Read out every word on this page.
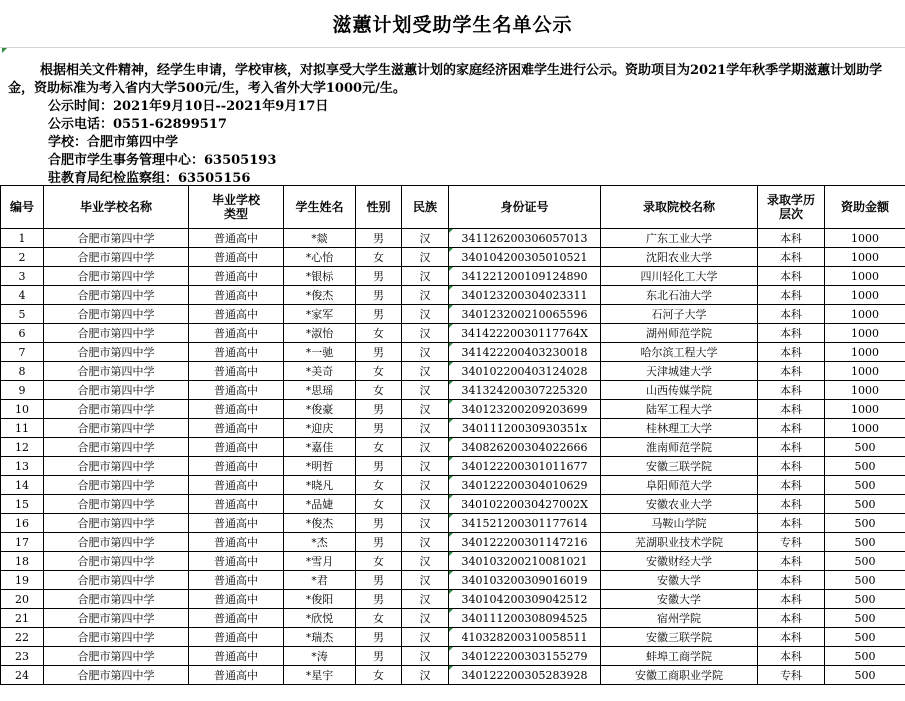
滋蕙计划受助学生名单公示
根据相关文件精神，经学生申请，学校审核，对拟享受大学生滋蕙计划的家庭经济困难学生进行公示。资助项目为2021学年秋季学期滋蕙计划助学金，资助标准为考入省内大学500元/生，考入省外大学1000元/生。
公示时间：2021年9月10日--2021年9月17日
公示电话：0551-62899517
学校：合肥市第四中学
合肥市学生事务管理中心：63505193
驻教育局纪检监察组：63505156
编号	毕业学校名称	毕业学校类型	学生姓名	性别	民族	身份证号	录取院校名称	录取学历层次	资助金额
1	合肥市第四中学	普通高中	*燚	男	汉	341126200306057013	广东工业大学	本科	1000
2	合肥市第四中学	普通高中	*心怡	女	汉	340104200305010521	沈阳农业大学	本科	1000
3	合肥市第四中学	普通高中	*银标	男	汉	341221200109124890	四川轻化工大学	本科	1000
4	合肥市第四中学	普通高中	*俊杰	男	汉	340123200304023311	东北石油大学	本科	1000
5	合肥市第四中学	普通高中	*家军	男	汉	340123200210065596	石河子大学	本科	1000
6	合肥市第四中学	普通高中	*淑怡	女	汉	34142220030117764X	湖州师范学院	本科	1000
7	合肥市第四中学	普通高中	*一驰	男	汉	341422200403230018	哈尔滨工程大学	本科	1000
8	合肥市第四中学	普通高中	*美奇	女	汉	340102200403124028	天津城建大学	本科	1000
9	合肥市第四中学	普通高中	*思瑶	女	汉	341324200307225320	山西传媒学院	本科	1000
10	合肥市第四中学	普通高中	*俊豪	男	汉	340123200209203699	陆军工程大学	本科	1000
11	合肥市第四中学	普通高中	*迎庆	男	汉	34011120030930351x	桂林理工大学	本科	1000
12	合肥市第四中学	普通高中	*嘉佳	女	汉	340826200304022666	淮南师范学院	本科	500
13	合肥市第四中学	普通高中	*明哲	男	汉	340122200301011677	安徽三联学院	本科	500
14	合肥市第四中学	普通高中	*晓凡	女	汉	340122200304010629	阜阳师范大学	本科	500
15	合肥市第四中学	普通高中	*品婕	女	汉	34010220030427002X	安徽农业大学	本科	500
16	合肥市第四中学	普通高中	*俊杰	男	汉	341521200301177614	马鞍山学院	本科	500
17	合肥市第四中学	普通高中	*杰	男	汉	340122200301147216	芜湖职业技术学院	专科	500
18	合肥市第四中学	普通高中	*雪月	女	汉	340103200210081021	安徽财经大学	本科	500
19	合肥市第四中学	普通高中	*君	男	汉	340103200309016019	安徽大学	本科	500
20	合肥市第四中学	普通高中	*俊阳	男	汉	340104200309042512	安徽大学	本科	500
21	合肥市第四中学	普通高中	*欣悦	女	汉	340111200308094525	宿州学院	本科	500
22	合肥市第四中学	普通高中	*瑞杰	男	汉	410328200310058511	安徽三联学院	本科	500
23	合肥市第四中学	普通高中	*涛	男	汉	340122200303155279	蚌埠工商学院	本科	500
24	合肥市第四中学	普通高中	*星宇	女	汉	340122200305283928	安徽工商职业学院	专科	500
